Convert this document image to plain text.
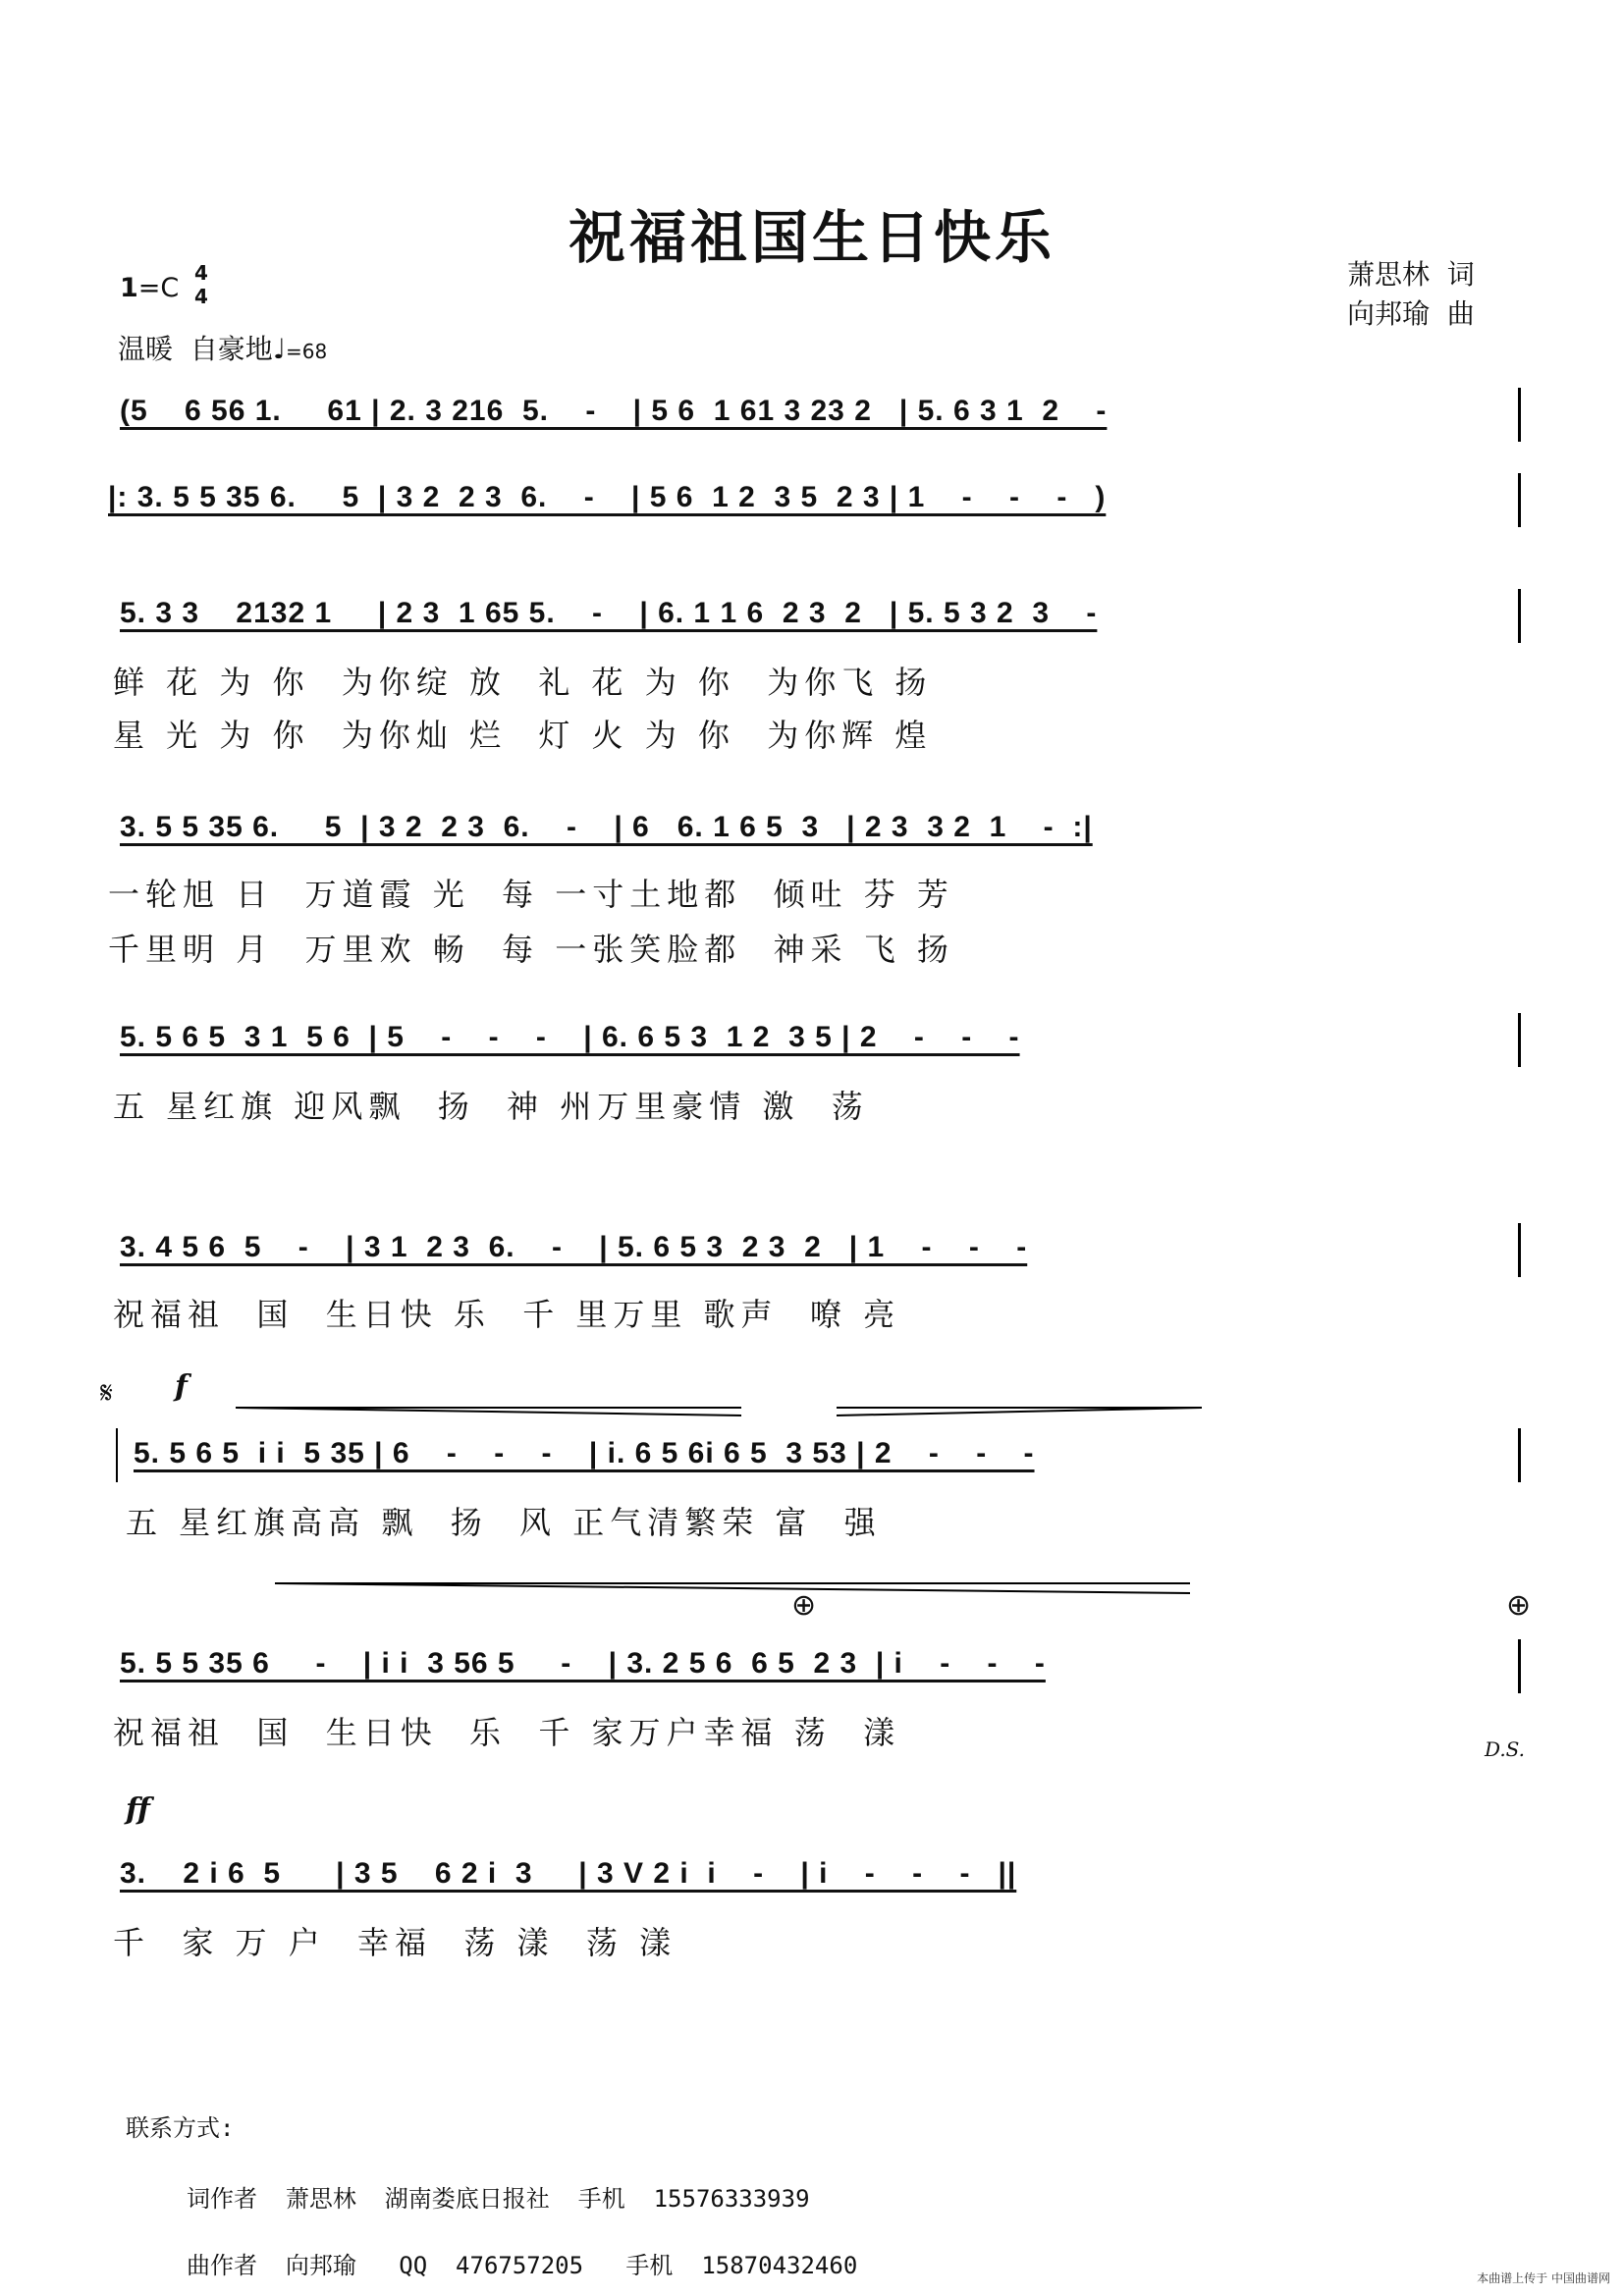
祝福祖国生日快乐
萧思林  词
向邦瑜  曲
1=C 4
4
温暖  自豪地♩=68
(5    6 56 1.     61 | 2. 3 216  5.    -    | 5 6  1 61 3 23 2   | 5. 6 3 1  2    -
|: 3. 5 5 35 6.     5  | 3 2  2 3  6.    -    | 5 6  1 2  3 5  2 3 | 1    -    -    -   )
5. 3 3    2132 1     | 2 3  1 65 5.    -    | 6. 1 1 6  2 3  2   | 5. 5 3 2  3    -
鲜 花 为 你  为你绽 放  礼 花 为 你  为你飞 扬
星 光 为 你  为你灿 烂  灯 火 为 你  为你辉 煌
3. 5 5 35 6.     5  | 3 2  2 3  6.    -    | 6   6. 1 6 5  3   | 2 3  3 2  1    -  :|
一轮旭 日  万道霞 光  每 一寸土地都  倾吐 芬 芳
千里明 月  万里欢 畅  每 一张笑脸都  神采 飞 扬
5. 5 6 5  3 1  5 6  | 5    -    -    -    | 6. 6 5 3  1 2  3 5 | 2    -    -    -
五 星红旗 迎风飘  扬  神 州万里豪情 激  荡
3. 4 5 6  5    -    | 3 1  2 3  6.    -    | 5. 6 5 3  2 3  2   | 1    -    -    -
祝福祖  国  生日快 乐  千 里万里 歌声  嘹 亮
𝄋 f

5. 5 6 5  i i  5 35 | 6    -    -    -    | i. 6 5 6i 6 5  3 53 | 2    -    -    -
五 星红旗高高 飘  扬  风 正气清繁荣 富  强

⊕	⊕
5. 5 5 35 6     -    | i i  3 56 5     -    | 3. 2 5 6  6 5  2 3  | i    -    -    -
祝福祖  国  生日快  乐  千 家万户幸福 荡  漾	D.S.
ff
3.    2 i 6  5      | 3 5    6 2 i  3     | 3 V 2 i  i    -    | i    -    -    -   ||
千  家 万 户  幸福  荡 漾  荡 漾
联系方式:
词作者  萧思林  湖南娄底日报社  手机  15576333939
曲作者  向邦瑜   QQ  476757205   手机  15870432460	本曲谱上传于 中国曲谱网
